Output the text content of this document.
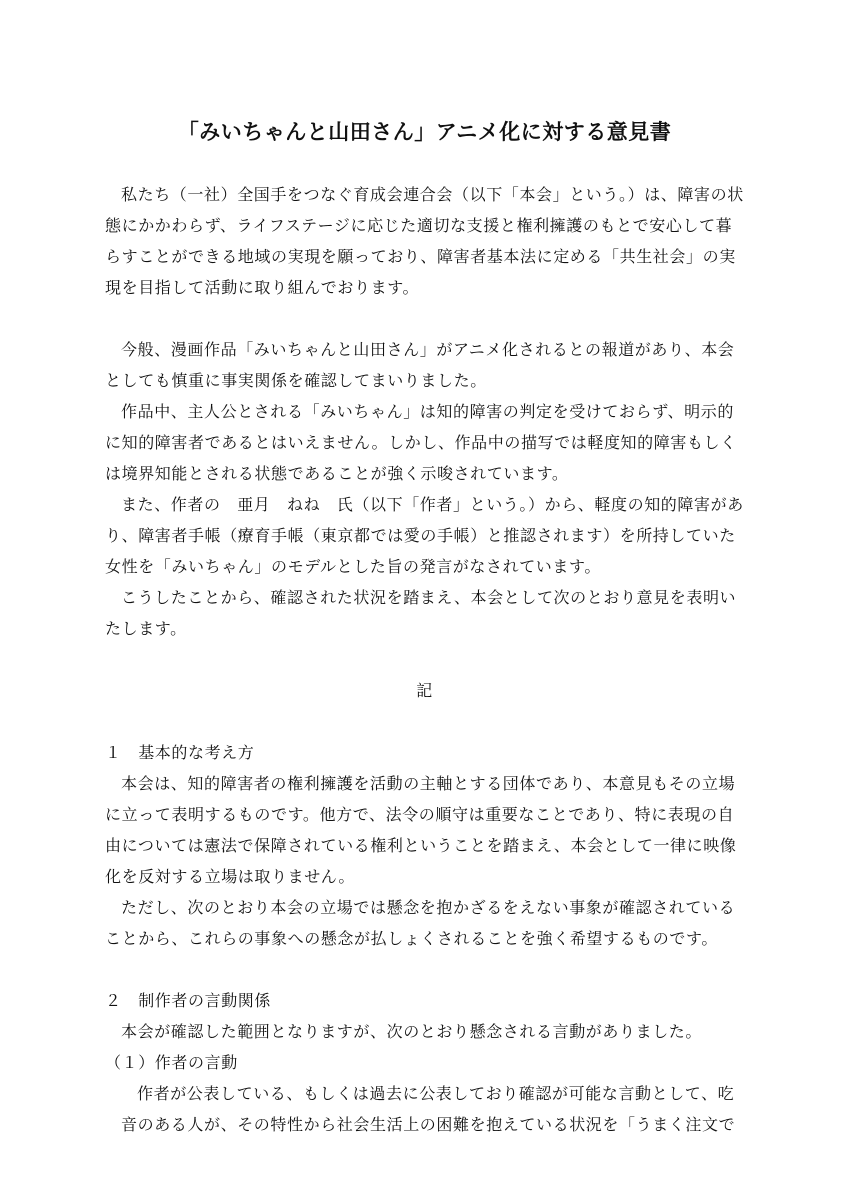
「みいちゃんと山田さん」アニメ化に対する意見書

私たち（一社）全国手をつなぐ育成会連合会（以下「本会」という。）は、障害の状態にかかわらず、ライフステージに応じた適切な支援と権利擁護のもとで安心して暮らすことができる地域の実現を願っており、障害者基本法に定める「共生社会」の実現を目指して活動に取り組んでおります。

今般、漫画作品「みいちゃんと山田さん」がアニメ化されるとの報道があり、本会としても慎重に事実関係を確認してまいりました。

作品中、主人公とされる「みいちゃん」は知的障害の判定を受けておらず、明示的に知的障害者であるとはいえません。しかし、作品中の描写では軽度知的障害もしくは境界知能とされる状態であることが強く示唆されています。

また、作者の　亜月　ねね　氏（以下「作者」という。）から、軽度の知的障害があり、障害者手帳（療育手帳（東京都では愛の手帳）と推認されます）を所持していた女性を「みいちゃん」のモデルとした旨の発言がなされています。

こうしたことから、確認された状況を踏まえ、本会として次のとおり意見を表明いたします。

記

１　基本的な考え方

本会は、知的障害者の権利擁護を活動の主軸とする団体であり、本意見もその立場に立って表明するものです。他方で、法令の順守は重要なことであり、特に表現の自由については憲法で保障されている権利ということを踏まえ、本会として一律に映像化を反対する立場は取りません。

ただし、次のとおり本会の立場では懸念を抱かざるをえない事象が確認されていることから、これらの事象への懸念が払しょくされることを強く希望するものです。

２　制作者の言動関係

本会が確認した範囲となりますが、次のとおり懸念される言動がありました。

（１）作者の言動

作者が公表している、もしくは過去に公表しており確認が可能な言動として、吃音のある人が、その特性から社会生活上の困難を抱えている状況を「うまく注文で
